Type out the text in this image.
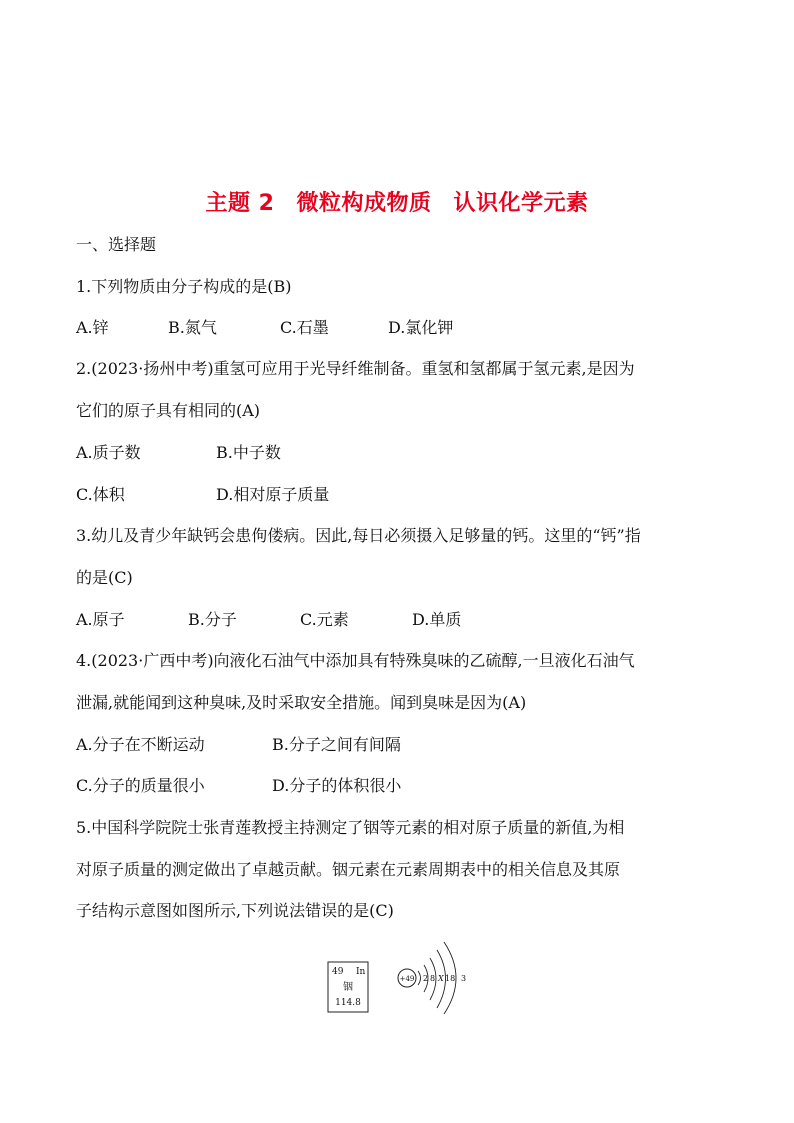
主题 2 微粒构成物质 认识化学元素
一、选择题
1.下列物质由分子构成的是(B)
A.锌	B.氮气	C.石墨	D.氯化钾
2.(2023·扬州中考)重氢可应用于光导纤维制备。重氢和氢都属于氢元素,是因为
它们的原子具有相同的(A)
A.质子数	B.中子数
C.体积	D.相对原子质量
3.幼儿及青少年缺钙会患佝偻病。因此,每日必须摄入足够量的钙。这里的“钙”指
的是(C)
A.原子	B.分子	C.元素	D.单质
4.(2023·广西中考)向液化石油气中添加具有特殊臭味的乙硫醇,一旦液化石油气
泄漏,就能闻到这种臭味,及时采取安全措施。闻到臭味是因为(A)
A.分子在不断运动	B.分子之间有间隔
C.分子的质量很小	D.分子的体积很小
5.中国科学院院士张青莲教授主持测定了铟等元素的相对原子质量的新值,为相
对原子质量的测定做出了卓越贡献。铟元素在元素周期表中的相关信息及其原
子结构示意图如图所示,下列说法错误的是(C)
49 In
铟
114.8
+49 2 8 X 18 3
